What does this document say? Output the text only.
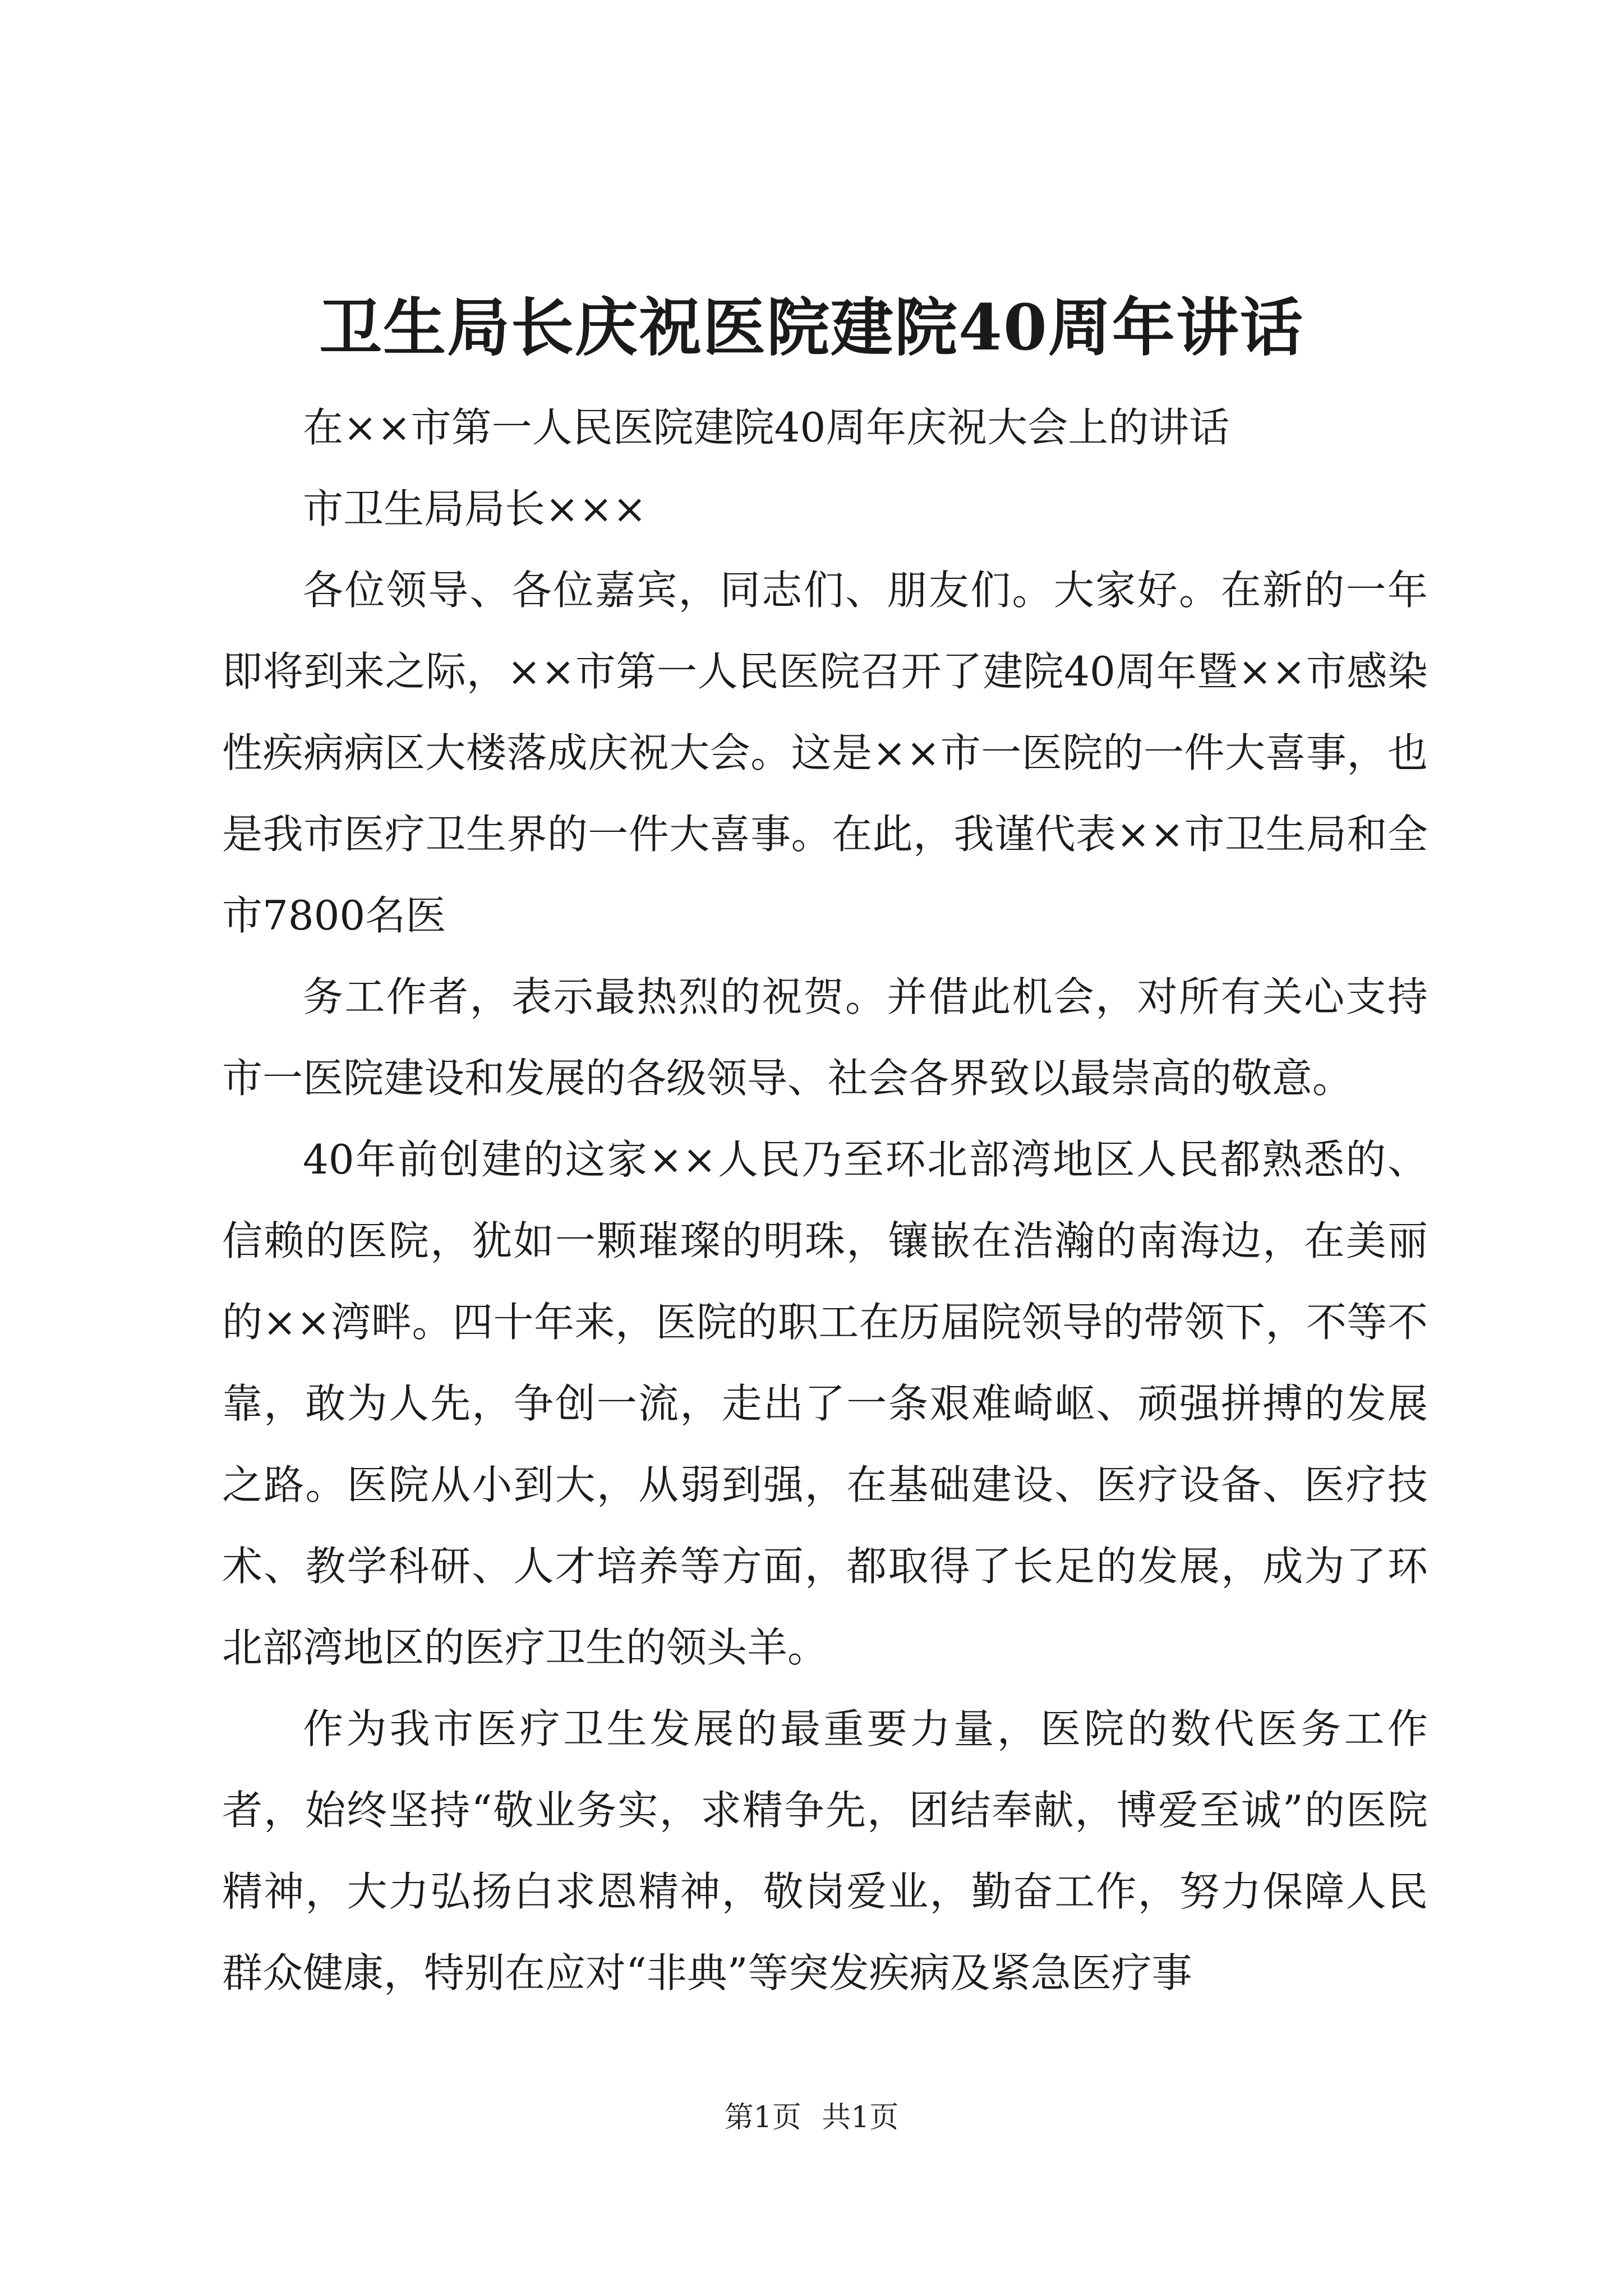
卫生局长庆祝医院建院40周年讲话

在××市第一人民医院建院40周年庆祝大会上的讲话

市卫生局局长×××

各位领导、各位嘉宾，同志们、朋友们。大家好。在新的一年即将到来之际，××市第一人民医院召开了建院40周年暨××市感染性疾病病区大楼落成庆祝大会。这是××市一医院的一件大喜事，也是我市医疗卫生界的一件大喜事。在此，我谨代表××市卫生局和全市7800名医

务工作者，表示最热烈的祝贺。并借此机会，对所有关心支持市一医院建设和发展的各级领导、社会各界致以最崇高的敬意。

40年前创建的这家××人民乃至环北部湾地区人民都熟悉的、信赖的医院，犹如一颗璀璨的明珠，镶嵌在浩瀚的南海边，在美丽的××湾畔。四十年来，医院的职工在历届院领导的带领下，不等不靠，敢为人先，争创一流，走出了一条艰难崎岖、顽强拼搏的发展之路。医院从小到大，从弱到强，在基础建设、医疗设备、医疗技术、教学科研、人才培养等方面，都取得了长足的发展，成为了环北部湾地区的医疗卫生的领头羊。

作为我市医疗卫生发展的最重要力量，医院的数代医务工作者，始终坚持“敬业务实，求精争先，团结奉献，博爱至诚”的医院精神，大力弘扬白求恩精神，敬岗爱业，勤奋工作，努力保障人民群众健康，特别在应对“非典”等突发疾病及紧急医疗事

第1页 共1页
